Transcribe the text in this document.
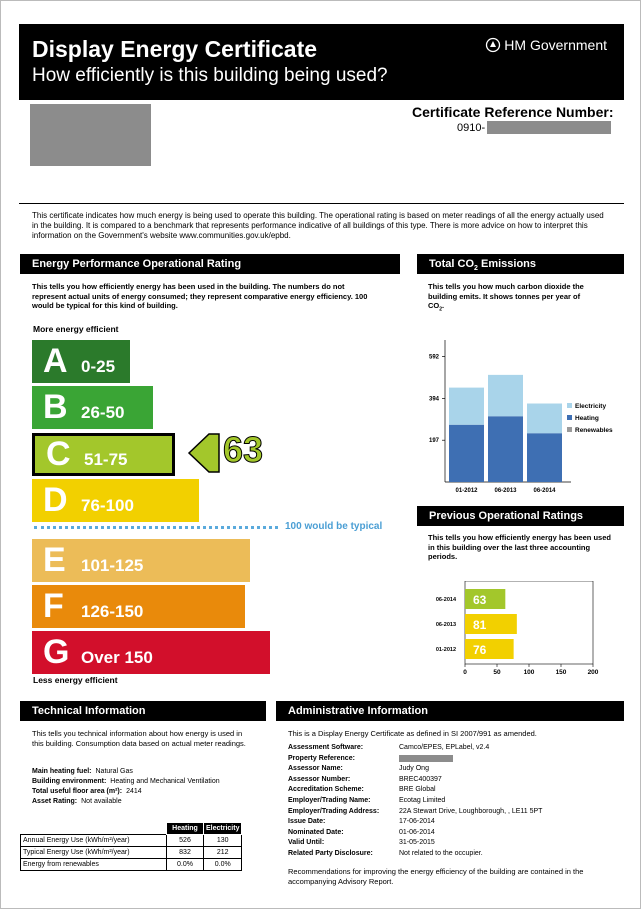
Display Energy Certificate
How efficiently is this building being used?
HM Government
Certificate Reference Number:
0910-
This certificate indicates how much energy is being used to operate this building. The operational rating is based on meter readings of all the energy actually used in the building. It is compared to a benchmark that represents performance indicative of all buildings of this type. There is more advice on how to interpret this information on the Government's website www.communities.gov.uk/epbd.
Energy Performance Operational Rating
This tells you how efficiently energy has been used in the building. The numbers do not represent actual units of energy consumed; they represent comparative energy efficiency. 100 would be typical for this kind of building.
More energy efficient
A 0-25
B 26-50
C 51-75
D 76-100
E 101-125
F	126-150
G Over 150
100 would be typical
63
Less energy efficient
Total $CO_2$ Emissions
This tells you how much carbon dioxide the
building emits. It shows tonnes per year of
$CO_2$.
197
394
592
01-2012	06-2013	06-2014
Electricity
Heating
Renewables
Previous Operational Ratings
This tells you how efficiently energy has been used in this building over the last three accounting periods.
0	50	100	150	200
63
06-2014
81
06-2013
76
01-2012
Technical Information
This tells you technical information about how energy is used in this building. Consumption data based on actual meter readings.
Main heating fuel: Natural Gas
Building environment: Heating and Mechanical Ventilation
Total useful floor area (m²): 2414
Asset Rating: Not available
	Heating	Electricity
Annual Energy Use (kWh/m²/year)	526	130
Typical Energy Use (kWh/m²/year)	832	212
Energy from renewables	0.0%	0.0%
Administrative Information
This is a Display Energy Certificate as defined in SI 2007/991 as amended.
Assessment Software:	Camco/EPES, EPLabel, v2.4
Property Reference:
Assessor Name:	Judy Ong
Assessor Number:	BREC400397
Accreditation Scheme:	BRE Global
Employer/Trading Name:	Ecotag Limited
Employer/Trading Address:	22A Stewart Drive, Loughborough, , LE11 5PT
Issue Date:	17-06-2014
Nominated Date:	01-06-2014
Valid Until:	31-05-2015
Related Party Disclosure:	Not related to the occupier.
Recommendations for improving the energy efficiency of the building are contained in the accompanying Advisory Report.
